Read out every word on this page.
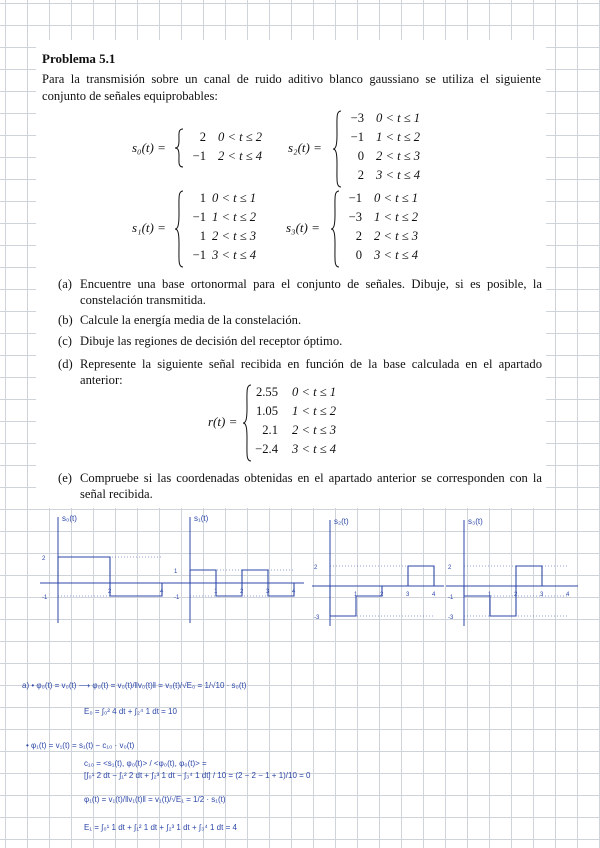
Problema 5.1
Para la transmisión sobre un canal de ruido aditivo blanco gaussiano se utiliza el siguiente conjunto de señales equiprobables:
s₀(t) =
2 0 < t ≤ 2
−1 2 < t ≤ 4
s₂(t) =
−3 0 < t ≤ 1
−1 1 < t ≤ 2
0 2 < t ≤ 3
2 3 < t ≤ 4
s₁(t) =
1 0 < t ≤ 1
−1 1 < t ≤ 2
1 2 < t ≤ 3
−1 3 < t ≤ 4
s₃(t) =
−1 0 < t ≤ 1
−3 1 < t ≤ 2
2 2 < t ≤ 3
0 3 < t ≤ 4
(a) Encuentre una base ortonormal para el conjunto de señales. Dibuje, si es posible, la constelación transmitida.
(b) Calcule la energía media de la constelación.
(c) Dibuje las regiones de decisión del receptor óptimo.
(d) Represente la siguiente señal recibida en función de la base calculada en el apartado anterior:
r(t) =
2.55 0 < t ≤ 1
1.05 1 < t ≤ 2
2.1 2 < t ≤ 3
−2.4 3 < t ≤ 4
(e) Compruebe si las coordenadas obtenidas en el apartado anterior se corresponden con la señal recibida.
s₀(t)
2
-1
2	4
s₁(t)
1
-1
1	2	3	4
s₂(t)
2
-3
1	2	3	4
s₃(t)
2
-1
-3
1	2	3	4
a) • φ₀(t) = v₀(t) ⟶ φ₀(t) = v₀(t)/‖v₀(t)‖ = v₀(t)/√E₀ = 1/√10 · s₀(t)
E₀ = ∫₀² 4 dt + ∫₂⁴ 1 dt = 10
• φ₁(t) = v₁(t) = s₁(t) − c₁₀ · v₀(t)
c₁₀ = <s₁(t), φ₀(t)> / <φ₀(t), φ₀(t)> =
[∫₀¹ 2 dt − ∫₁² 2 dt + ∫₂³ 1 dt − ∫₃⁴ 1 dt] / 10 = (2 − 2 − 1 + 1)/10 = 0
φ₁(t) = v₁(t)/‖v₁(t)‖ = v₁(t)/√E₁ = 1/2 · s₁(t)
E₁ = ∫₀¹ 1 dt + ∫₁² 1 dt + ∫₂³ 1 dt + ∫₃⁴ 1 dt = 4
